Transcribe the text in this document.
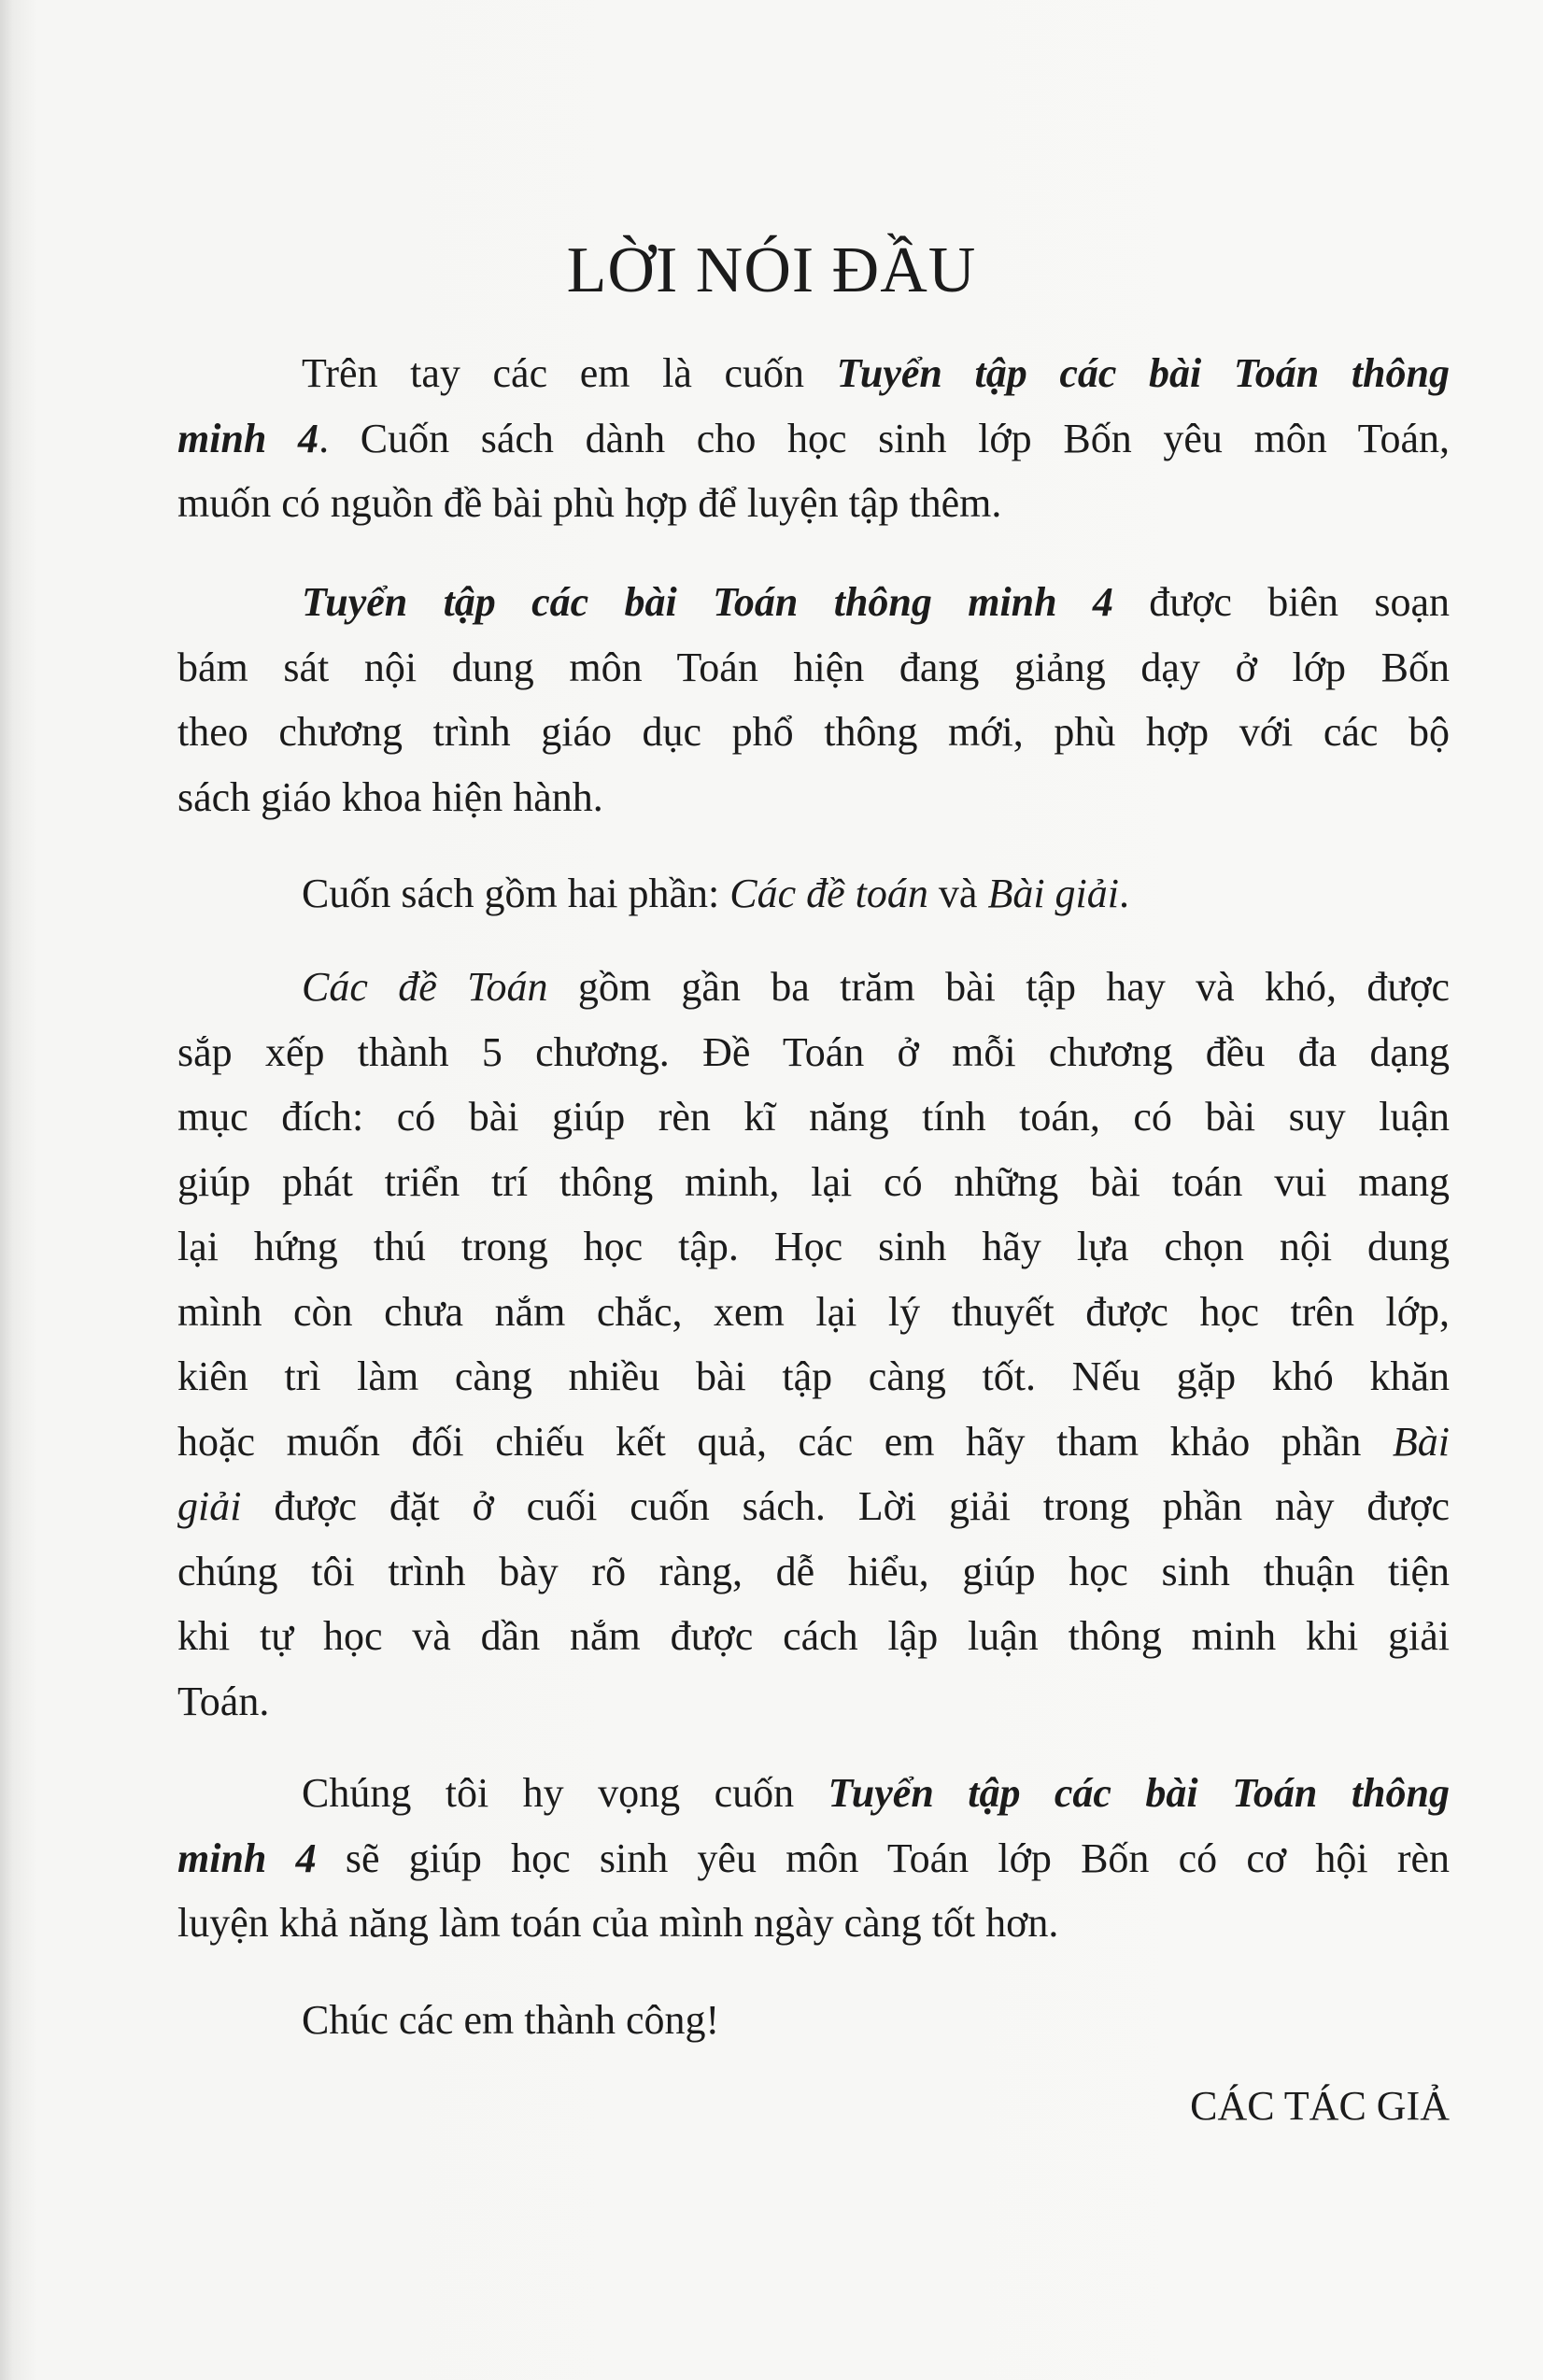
LỜI NÓI ĐẦU
Trên tay các em là cuốn Tuyển tập các bài Toán thông
minh 4. Cuốn sách dành cho học sinh lớp Bốn yêu môn Toán,
muốn có nguồn đề bài phù hợp để luyện tập thêm.
Tuyển tập các bài Toán thông minh 4 được biên soạn
bám sát nội dung môn Toán hiện đang giảng dạy ở lớp Bốn
theo chương trình giáo dục phổ thông mới, phù hợp với các bộ
sách giáo khoa hiện hành.
Cuốn sách gồm hai phần: Các đề toán và Bài giải.
Các đề Toán gồm gần ba trăm bài tập hay và khó, được
sắp xếp thành 5 chương. Đề Toán ở mỗi chương đều đa dạng
mục đích: có bài giúp rèn kĩ năng tính toán, có bài suy luận
giúp phát triển trí thông minh, lại có những bài toán vui mang
lại hứng thú trong học tập. Học sinh hãy lựa chọn nội dung
mình còn chưa nắm chắc, xem lại lý thuyết được học trên lớp,
kiên trì làm càng nhiều bài tập càng tốt. Nếu gặp khó khăn
hoặc muốn đối chiếu kết quả, các em hãy tham khảo phần Bài
giải được đặt ở cuối cuốn sách. Lời giải trong phần này được
chúng tôi trình bày rõ ràng, dễ hiểu, giúp học sinh thuận tiện
khi tự học và dần nắm được cách lập luận thông minh khi giải
Toán.
Chúng tôi hy vọng cuốn Tuyển tập các bài Toán thông
minh 4 sẽ giúp học sinh yêu môn Toán lớp Bốn có cơ hội rèn
luyện khả năng làm toán của mình ngày càng tốt hơn.
Chúc các em thành công!
CÁC TÁC GIẢ
